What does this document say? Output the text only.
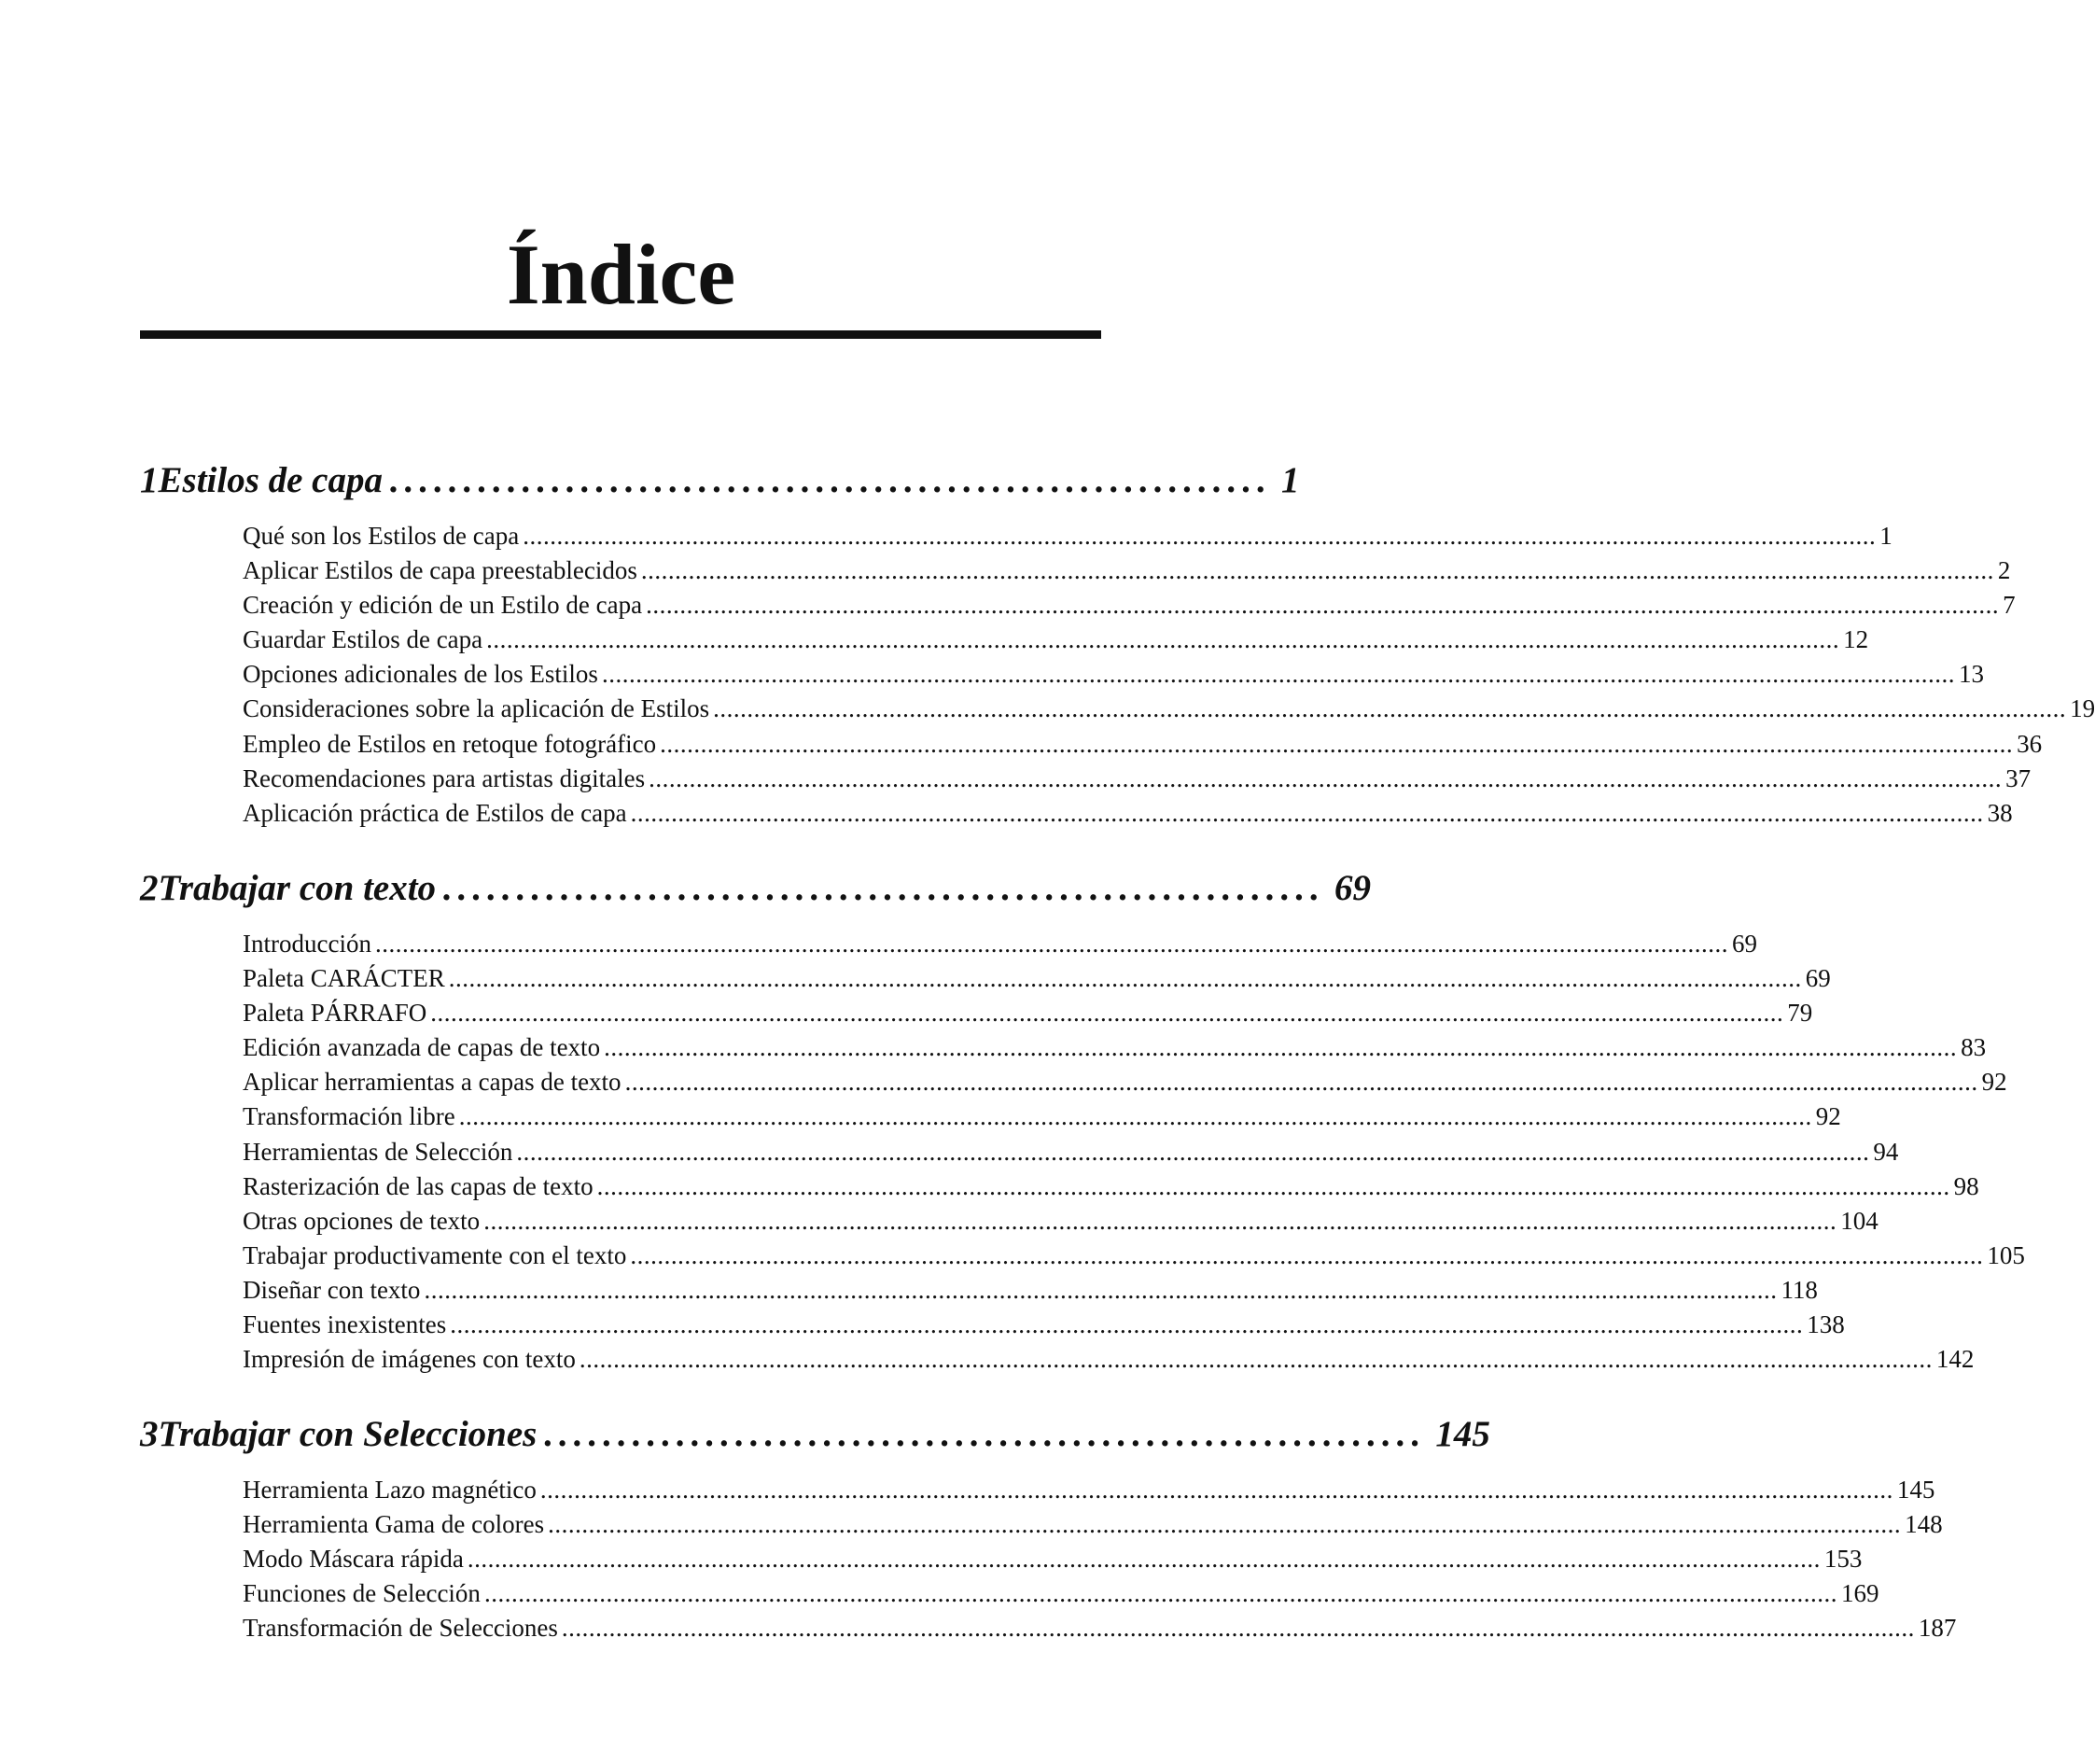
Índice
1 Estilos de capa ............................................................ 1
Qué son los Estilos de capa ........................................................................................................................................................................................................ 1
Aplicar Estilos de capa preestablecidos ........................................................................................................................................................................................................ 2
Creación y edición de un Estilo de capa ........................................................................................................................................................................................................ 7
Guardar Estilos de capa ........................................................................................................................................................................................................ 12
Opciones adicionales de los Estilos ........................................................................................................................................................................................................ 13
Consideraciones sobre la aplicación de Estilos ........................................................................................................................................................................................................ 19
Empleo de Estilos en retoque fotográfico ........................................................................................................................................................................................................ 36
Recomendaciones para artistas digitales ........................................................................................................................................................................................................ 37
Aplicación práctica de Estilos de capa ........................................................................................................................................................................................................ 38
2 Trabajar con texto ............................................................ 69
Introducción ........................................................................................................................................................................................................ 69
Paleta CARÁCTER ........................................................................................................................................................................................................ 69
Paleta PÁRRAFO ........................................................................................................................................................................................................ 79
Edición avanzada de capas de texto ........................................................................................................................................................................................................ 83
Aplicar herramientas a capas de texto ........................................................................................................................................................................................................ 92
Transformación libre ........................................................................................................................................................................................................ 92
Herramientas de Selección ........................................................................................................................................................................................................ 94
Rasterización de las capas de texto ........................................................................................................................................................................................................ 98
Otras opciones de texto ........................................................................................................................................................................................................ 104
Trabajar productivamente con el texto ........................................................................................................................................................................................................ 105
Diseñar con texto ........................................................................................................................................................................................................ 118
Fuentes inexistentes ........................................................................................................................................................................................................ 138
Impresión de imágenes con texto ........................................................................................................................................................................................................ 142
3 Trabajar con Selecciones ............................................................ 145
Herramienta Lazo magnético ........................................................................................................................................................................................................ 145
Herramienta Gama de colores ........................................................................................................................................................................................................ 148
Modo Máscara rápida ........................................................................................................................................................................................................ 153
Funciones de Selección ........................................................................................................................................................................................................ 169
Transformación de Selecciones ........................................................................................................................................................................................................ 187
